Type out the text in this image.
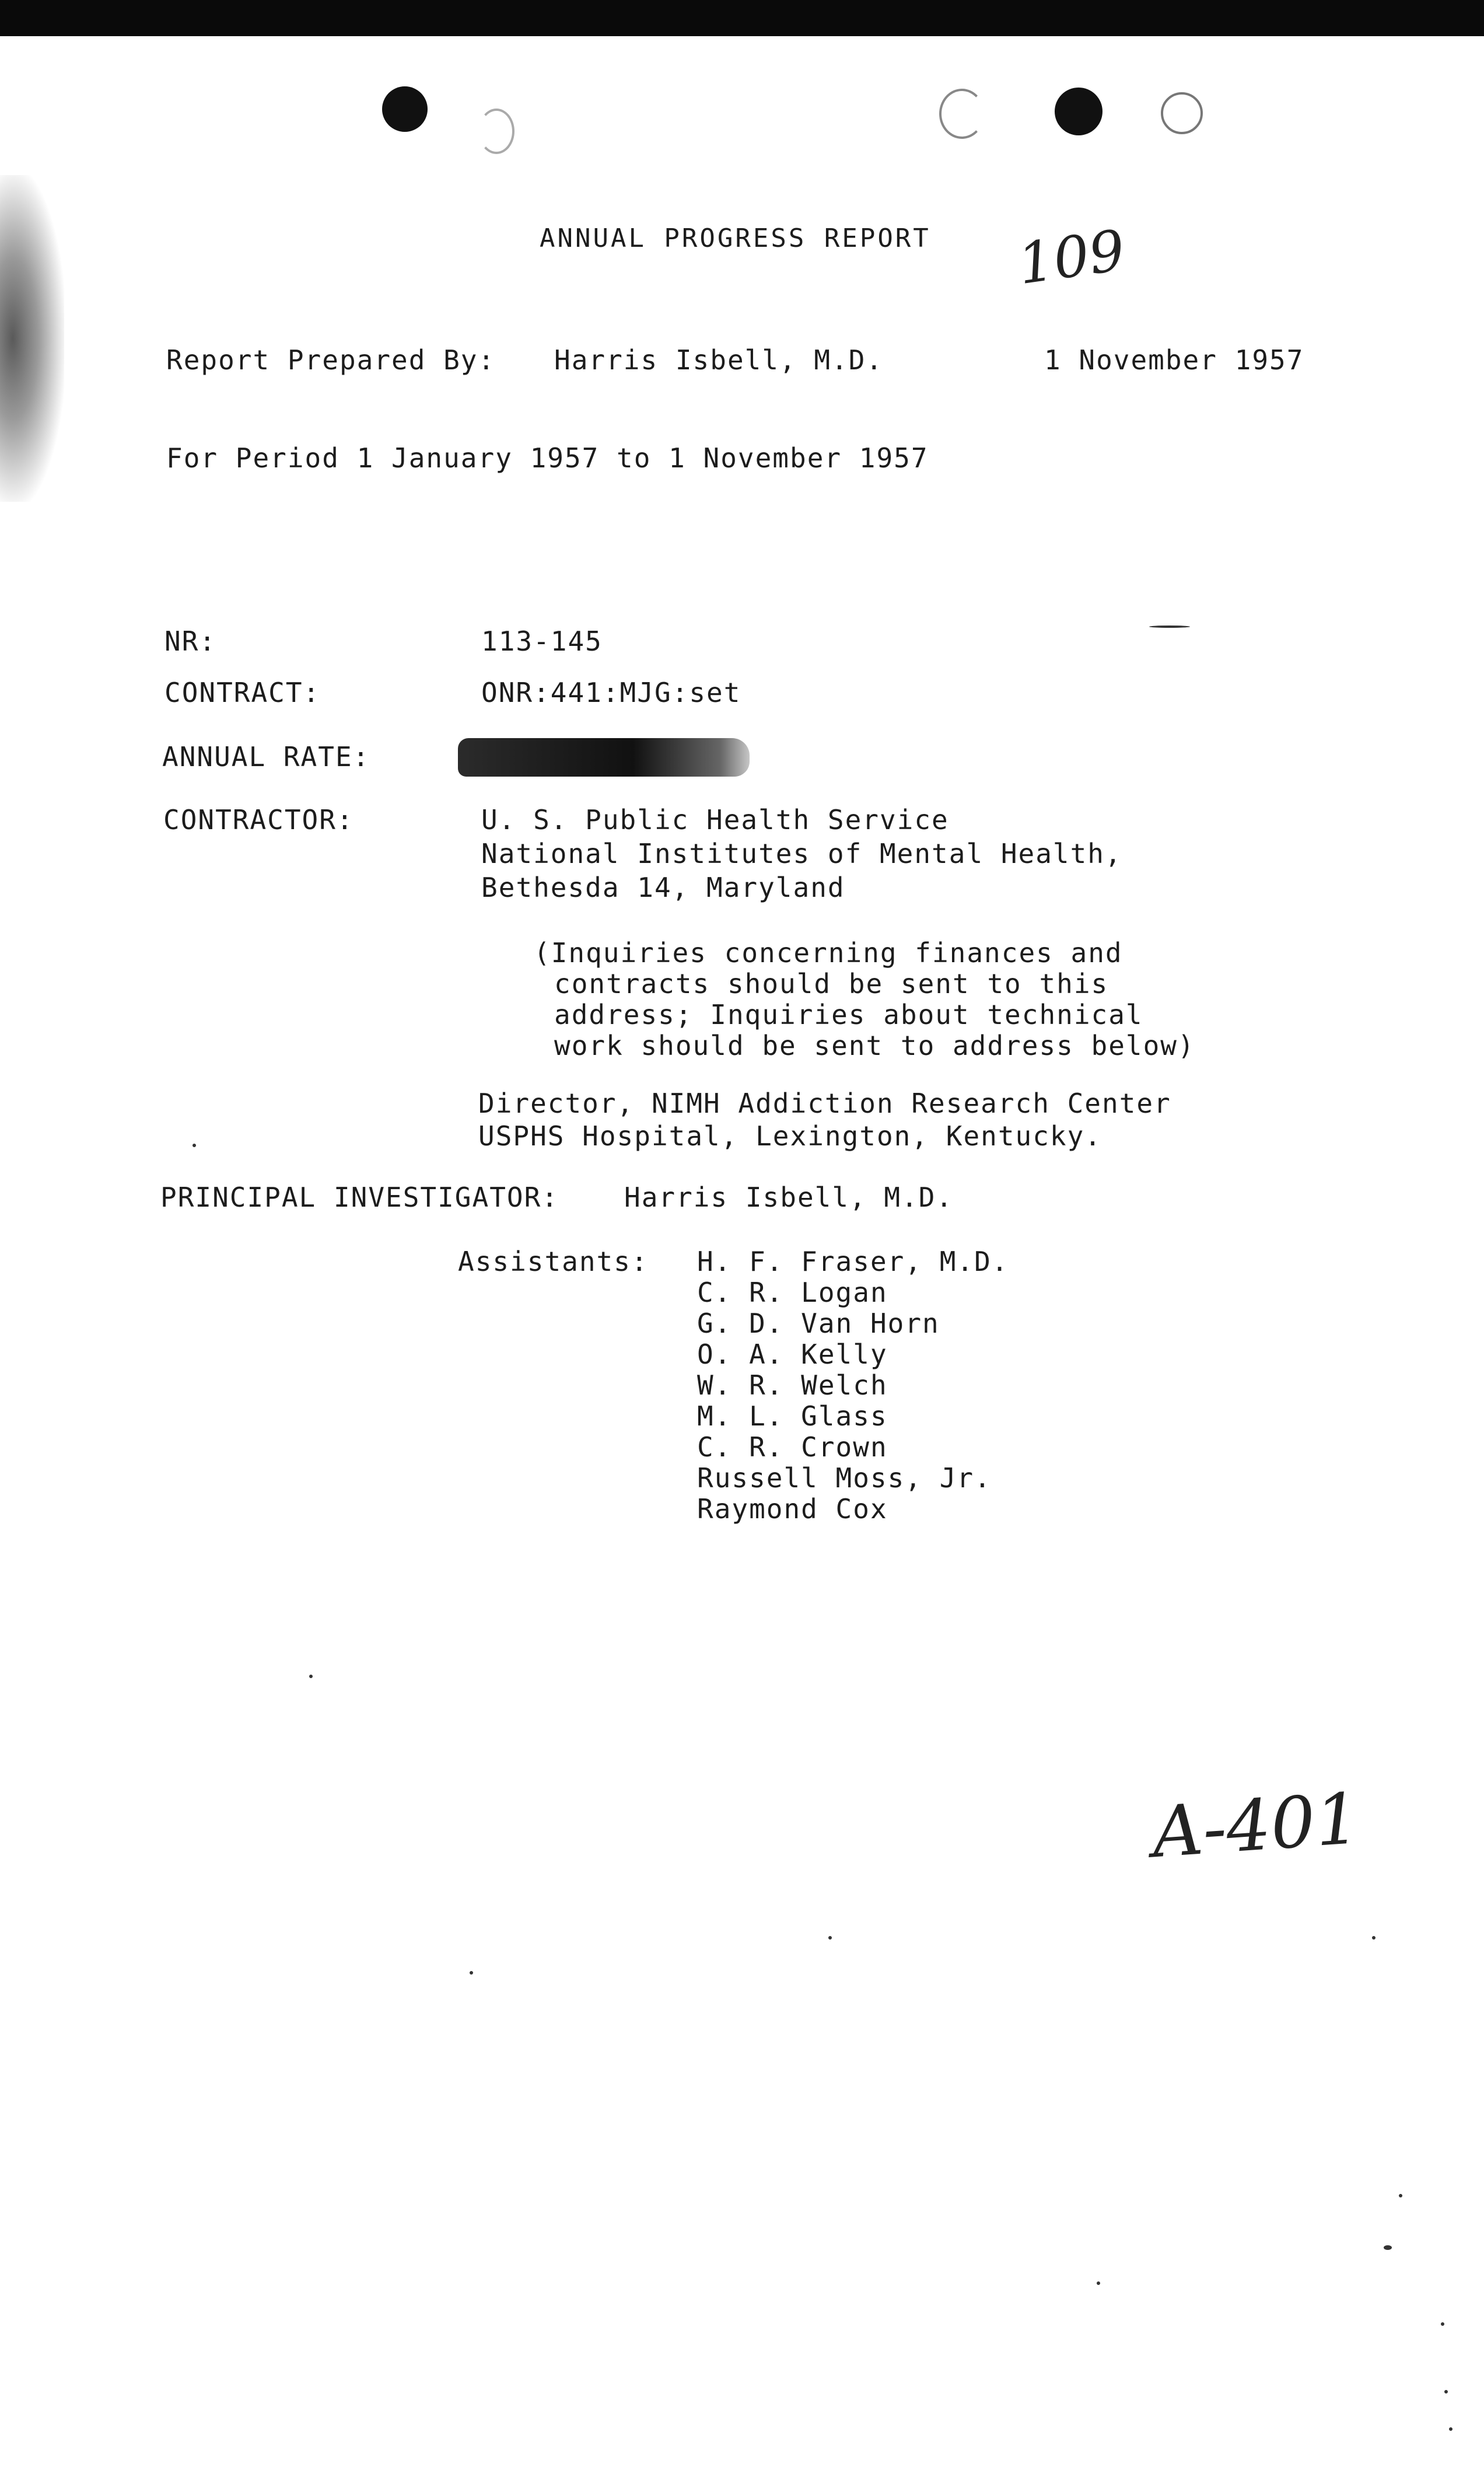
ANNUAL PROGRESS REPORT 109
Report Prepared By: Harris Isbell, M.D.	1 November 1957
For Period 1 January 1957 to 1 November 1957
NR:	113-145
CONTRACT:	ONR:441:MJG:set
ANNUAL RATE:
CONTRACTOR:	U. S. Public Health Service
National Institutes of Mental Health,
Bethesda 14, Maryland
(Inquiries concerning finances and
contracts should be sent to this
address; Inquiries about technical
work should be sent to address below)
Director, NIMH Addiction Research Center
USPHS Hospital, Lexington, Kentucky.
PRINCIPAL INVESTIGATOR: Harris Isbell, M.D.
Assistants: H. F. Fraser, M.D.
C. R. Logan
G. D. Van Horn
O. A. Kelly
W. R. Welch
M. L. Glass
C. R. Crown
Russell Moss, Jr.
Raymond Cox
A-401
